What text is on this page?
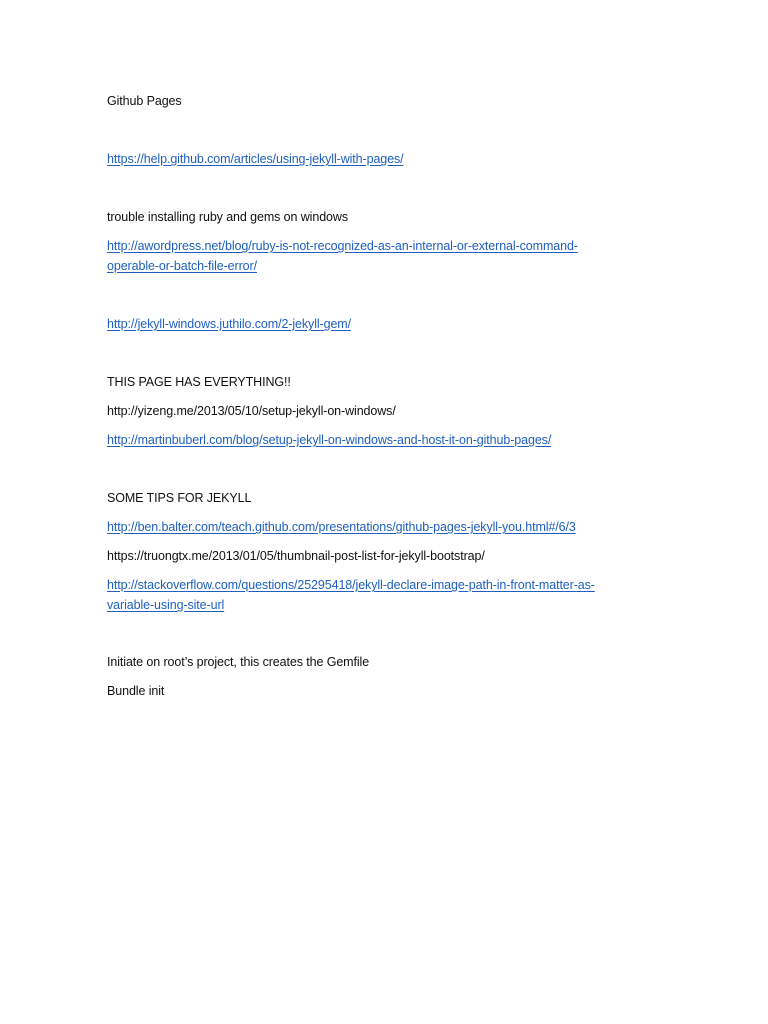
Github Pages
https://help.github.com/articles/using-jekyll-with-pages/
trouble installing ruby and gems on windows
http://awordpress.net/blog/ruby-is-not-recognized-as-an-internal-or-external-command-
operable-or-batch-file-error/
http://jekyll-windows.juthilo.com/2-jekyll-gem/
THIS PAGE HAS EVERYTHING!!
http://yizeng.me/2013/05/10/setup-jekyll-on-windows/
http://martinbuberl.com/blog/setup-jekyll-on-windows-and-host-it-on-github-pages/
SOME TIPS FOR JEKYLL
http://ben.balter.com/teach.github.com/presentations/github-pages-jekyll-you.html#/6/3
https://truongtx.me/2013/01/05/thumbnail-post-list-for-jekyll-bootstrap/
http://stackoverflow.com/questions/25295418/jekyll-declare-image-path-in-front-matter-as-
variable-using-site-url
Initiate on root’s project, this creates the Gemfile
Bundle init
